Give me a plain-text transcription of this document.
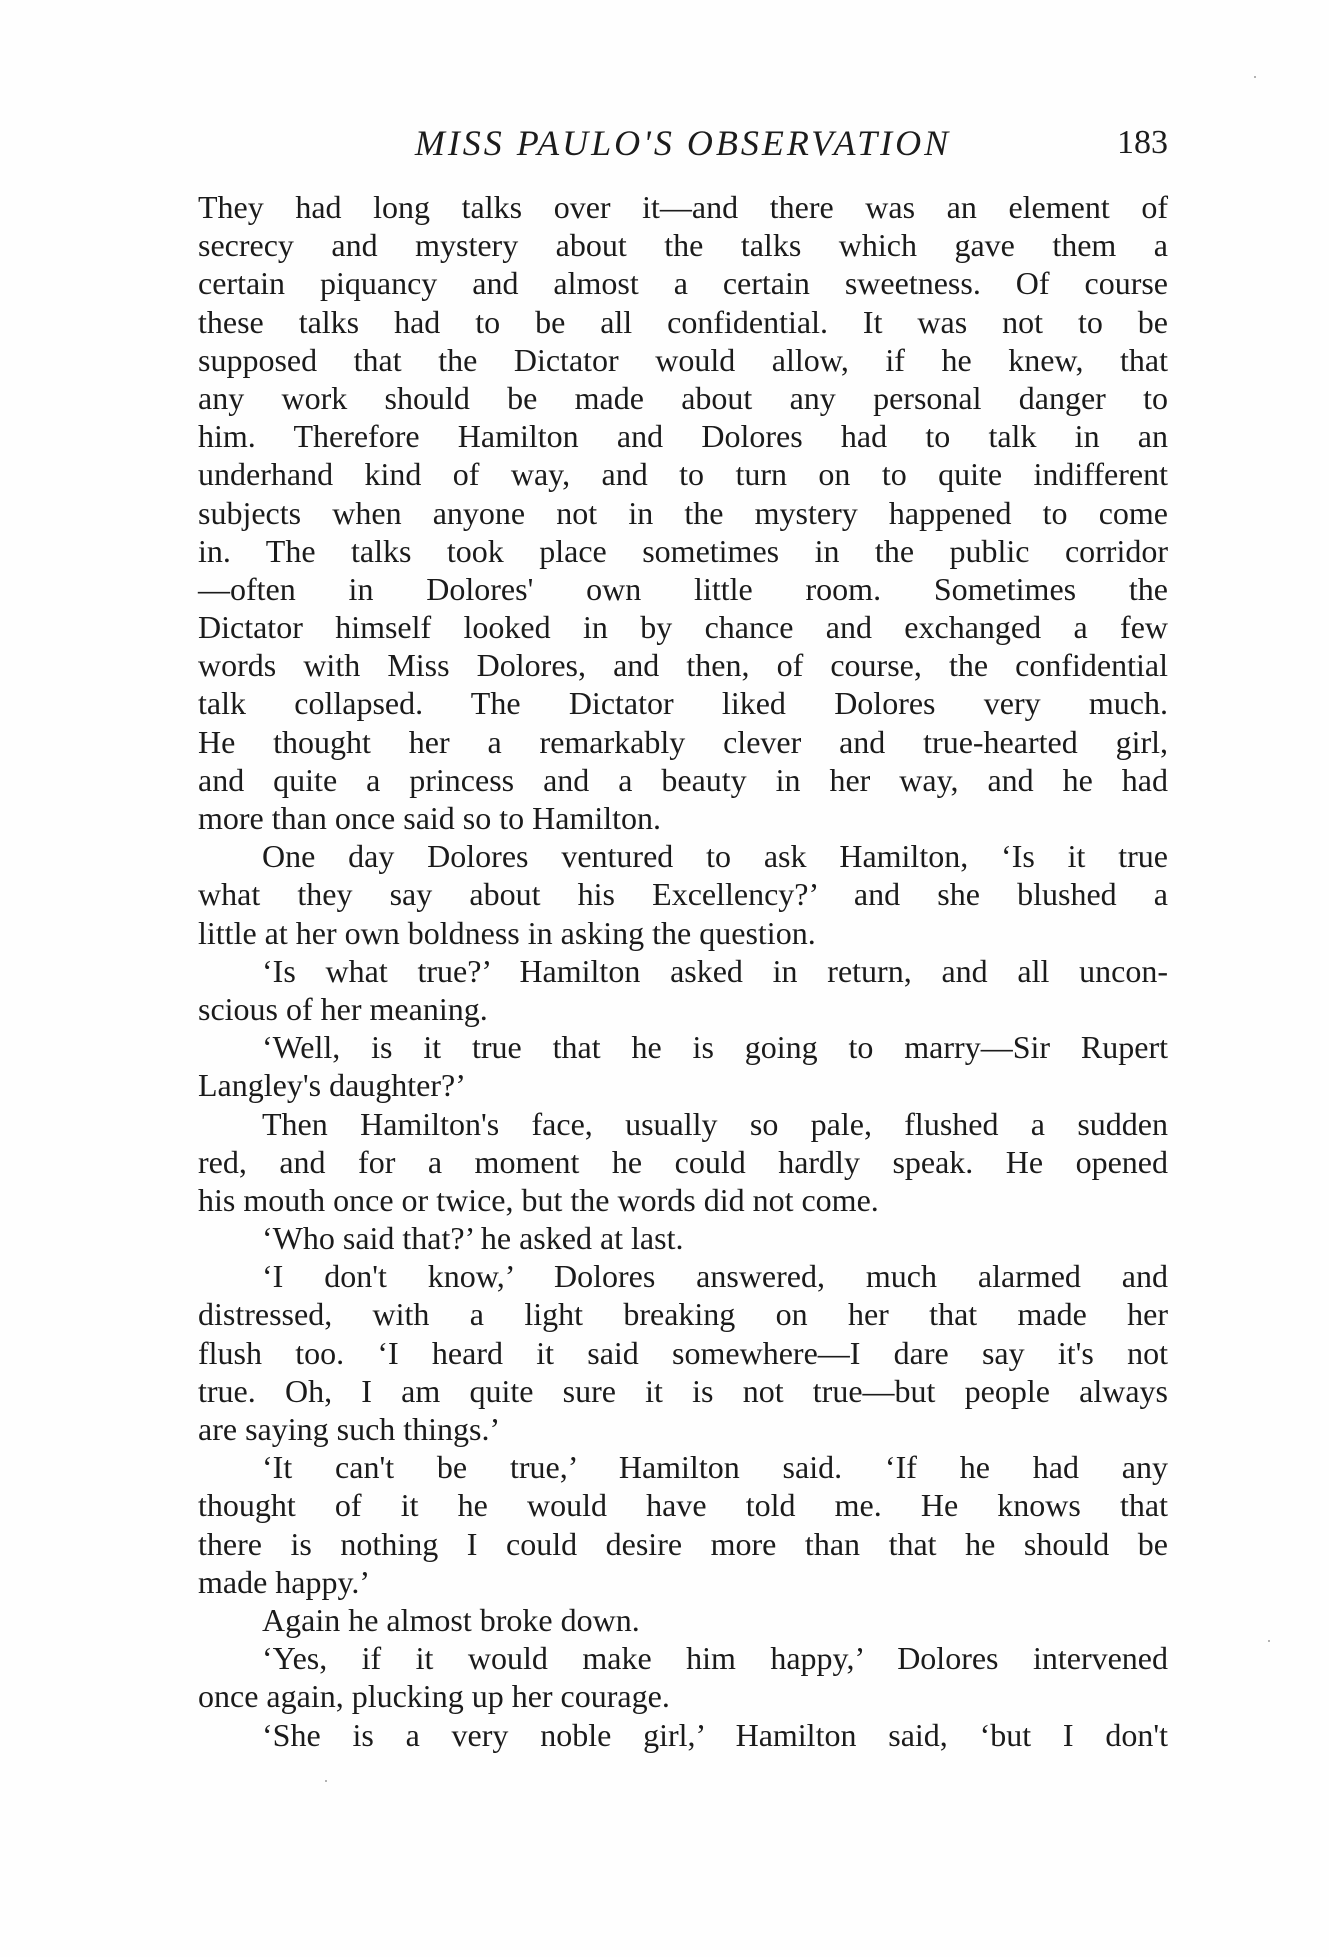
MISS PAULO'S OBSERVATION	183
They had long talks over it—and there was an element of
secrecy and mystery about the talks which gave them a
certain piquancy and almost a certain sweetness. Of course
these talks had to be all confidential. It was not to be
supposed that the Dictator would allow, if he knew, that
any work should be made about any personal danger to
him. Therefore Hamilton and Dolores had to talk in an
underhand kind of way, and to turn on to quite indifferent
subjects when anyone not in the mystery happened to come
in. The talks took place sometimes in the public corridor
—often in Dolores' own little room. Sometimes the
Dictator himself looked in by chance and exchanged a few
words with Miss Dolores, and then, of course, the confidential
talk collapsed. The Dictator liked Dolores very much.
He thought her a remarkably clever and true-hearted girl,
and quite a princess and a beauty in her way, and he had
more than once said so to Hamilton.
One day Dolores ventured to ask Hamilton, ‘Is it true
what they say about his Excellency?’ and she blushed a
little at her own boldness in asking the question.
‘Is what true?’ Hamilton asked in return, and all uncon-
scious of her meaning.
‘Well, is it true that he is going to marry—Sir Rupert
Langley's daughter?’
Then Hamilton's face, usually so pale, flushed a sudden
red, and for a moment he could hardly speak. He opened
his mouth once or twice, but the words did not come.
‘Who said that?’ he asked at last.
‘I don't know,’ Dolores answered, much alarmed and
distressed, with a light breaking on her that made her
flush too. ‘I heard it said somewhere—I dare say it's not
true. Oh, I am quite sure it is not true—but people always
are saying such things.’
‘It can't be true,’ Hamilton said. ‘If he had any
thought of it he would have told me. He knows that
there is nothing I could desire more than that he should be
made happy.’
Again he almost broke down.
‘Yes, if it would make him happy,’ Dolores intervened
once again, plucking up her courage.
‘She is a very noble girl,’ Hamilton said, ‘but I don't
